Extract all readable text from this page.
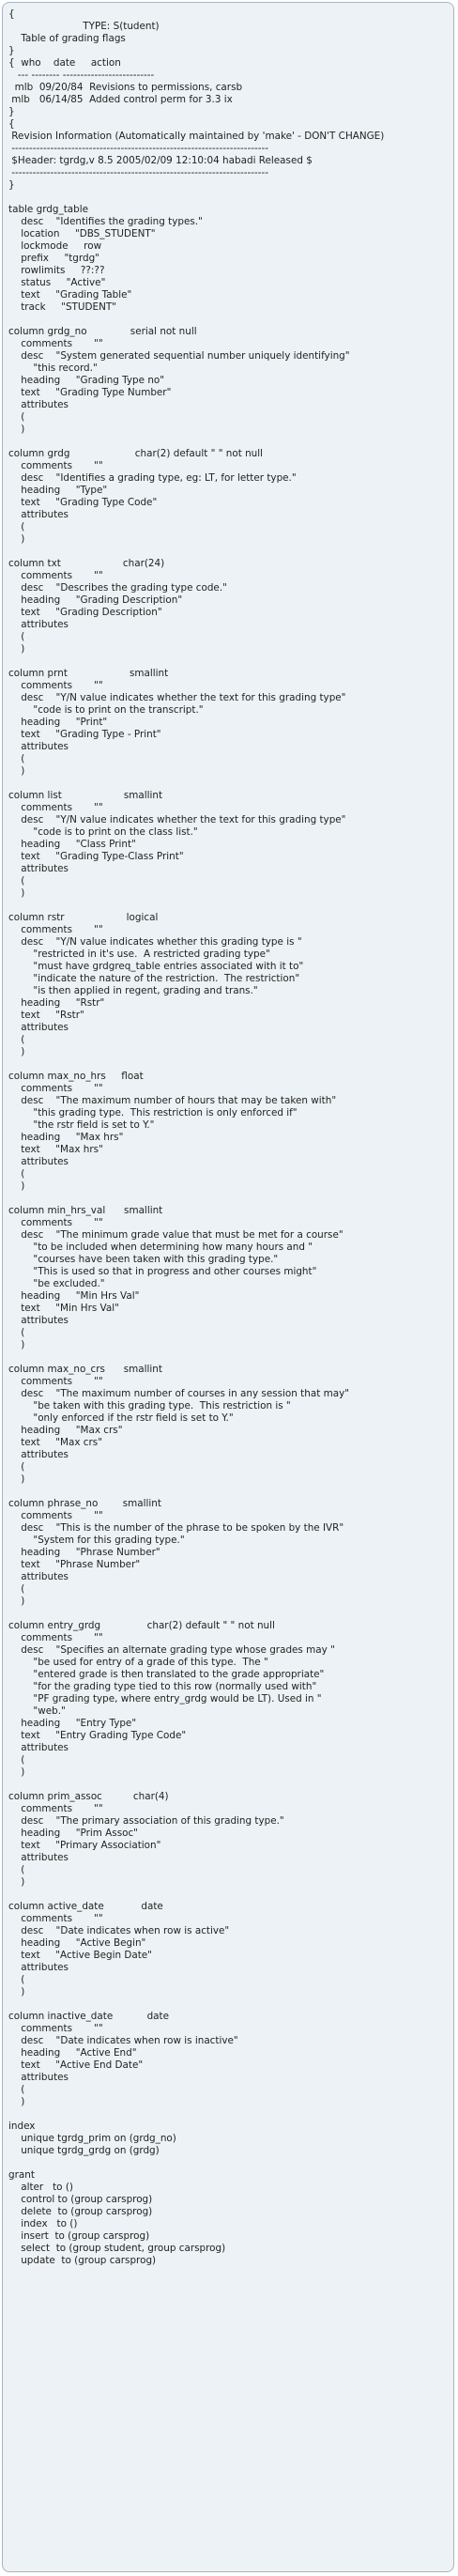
{
TYPE: S(tudent)
Table of grading flags
}
{  who    date     action
--- -------- --------------------------
mlb  09/20/84  Revisions to permissions, carsb
mlb   06/14/85  Added control perm for 3.3 ix
}
{
Revision Information (Automatically maintained by 'make' - DON'T CHANGE)
-------------------------------------------------------------------------
$Header: tgrdg,v 8.5 2005/02/09 12:10:04 habadi Released $
-------------------------------------------------------------------------
}
table grdg_table
desc    "Identifies the grading types."
location     "DBS_STUDENT"
lockmode     row
prefix     "tgrdg"
rowlimits     ??:??
status     "Active"
text     "Grading Table"
track     "STUDENT"
column grdg_no              serial not null
comments       ""
desc    "System generated sequential number uniquely identifying"
"this record."
heading     "Grading Type no"
text     "Grading Type Number"
attributes
(
)
column grdg                     char(2) default " " not null
comments       ""
desc    "Identifies a grading type, eg: LT, for letter type."
heading     "Type"
text     "Grading Type Code"
attributes
(
)
column txt                    char(24)
comments       ""
desc    "Describes the grading type code."
heading     "Grading Description"
text     "Grading Description"
attributes
(
)
column prnt                    smallint
comments       ""
desc    "Y/N value indicates whether the text for this grading type"
"code is to print on the transcript."
heading     "Print"
text     "Grading Type - Print"
attributes
(
)
column list                    smallint
comments       ""
desc    "Y/N value indicates whether the text for this grading type"
"code is to print on the class list."
heading     "Class Print"
text     "Grading Type-Class Print"
attributes
(
)
column rstr                    logical
comments       ""
desc    "Y/N value indicates whether this grading type is "
"restricted in it's use.  A restricted grading type"
"must have grdgreq_table entries associated with it to"
"indicate the nature of the restriction.  The restriction"
"is then applied in regent, grading and trans."
heading     "Rstr"
text     "Rstr"
attributes
(
)
column max_no_hrs     float
comments       ""
desc    "The maximum number of hours that may be taken with"
"this grading type.  This restriction is only enforced if"
"the rstr field is set to Y."
heading     "Max hrs"
text     "Max hrs"
attributes
(
)
column min_hrs_val      smallint
comments       ""
desc    "The minimum grade value that must be met for a course"
"to be included when determining how many hours and "
"courses have been taken with this grading type."
"This is used so that in progress and other courses might"
"be excluded."
heading     "Min Hrs Val"
text     "Min Hrs Val"
attributes
(
)
column max_no_crs      smallint
comments       ""
desc    "The maximum number of courses in any session that may"
"be taken with this grading type.  This restriction is "
"only enforced if the rstr field is set to Y."
heading     "Max crs"
text     "Max crs"
attributes
(
)
column phrase_no        smallint
comments       ""
desc    "This is the number of the phrase to be spoken by the IVR"
"System for this grading type."
heading     "Phrase Number"
text     "Phrase Number"
attributes
(
)
column entry_grdg               char(2) default " " not null
comments       ""
desc    "Specifies an alternate grading type whose grades may "
"be used for entry of a grade of this type.  The "
"entered grade is then translated to the grade appropriate"
"for the grading type tied to this row (normally used with"
"PF grading type, where entry_grdg would be LT). Used in "
"web."
heading     "Entry Type"
text     "Entry Grading Type Code"
attributes
(
)
column prim_assoc          char(4)
comments       ""
desc    "The primary association of this grading type."
heading     "Prim Assoc"
text     "Primary Association"
attributes
(
)
column active_date            date
comments       ""
desc    "Date indicates when row is active"
heading     "Active Begin"
text     "Active Begin Date"
attributes
(
)
column inactive_date           date
comments       ""
desc    "Date indicates when row is inactive"
heading     "Active End"
text     "Active End Date"
attributes
(
)
index
unique tgrdg_prim on (grdg_no)
unique tgrdg_grdg on (grdg)
grant
alter   to ()
control to (group carsprog)
delete  to (group carsprog)
index   to ()
insert  to (group carsprog)
select  to (group student, group carsprog)
update  to (group carsprog)
